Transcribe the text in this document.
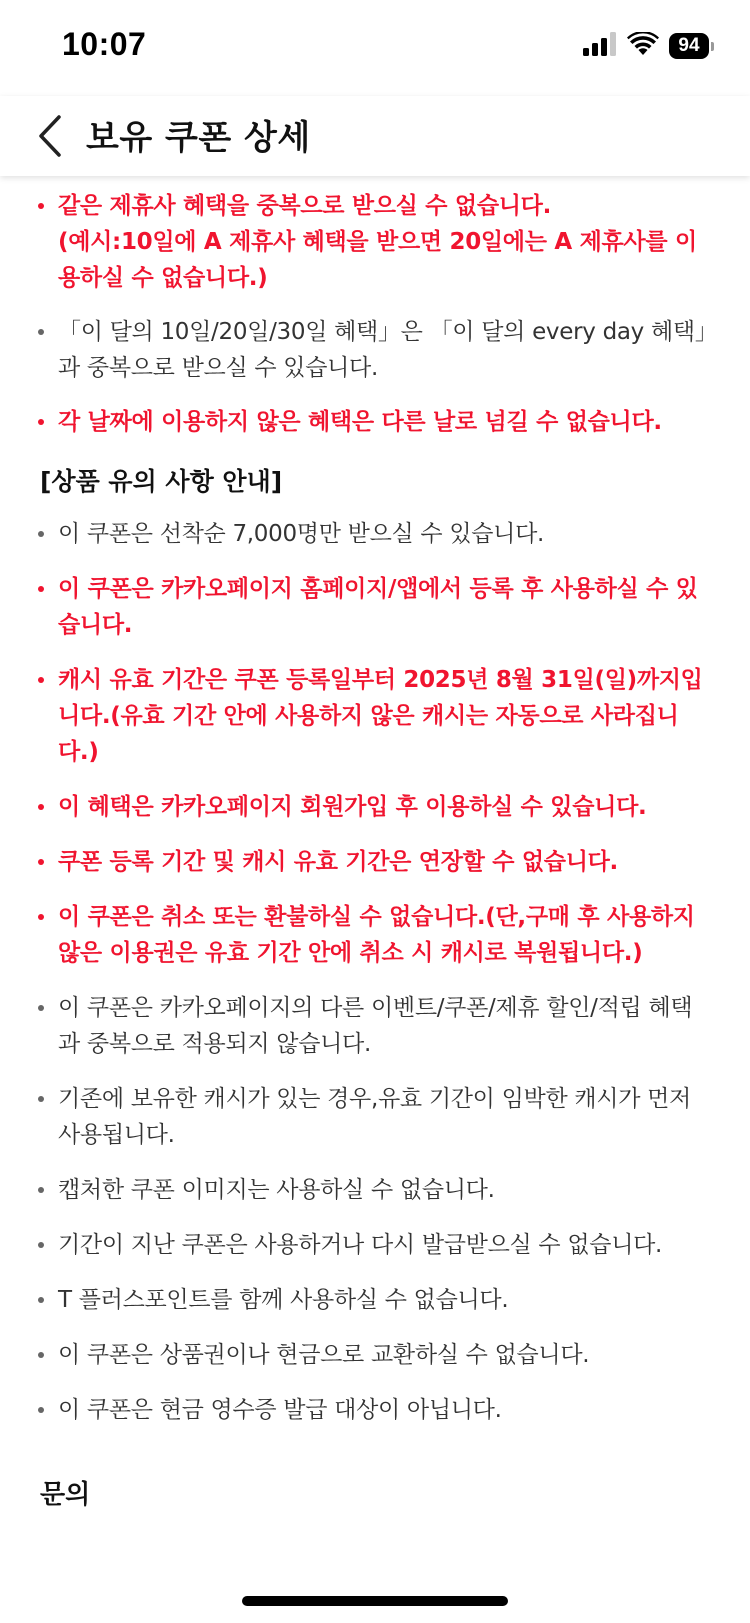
10:07	94
보유 쿠폰 상세
같은 제휴사 혜택을 중복으로 받으실 수 없습니다.
(예시:10일에 A 제휴사 혜택을 받으면 20일에는 A 제휴사를 이용하실 수 없습니다.)
「이 달의 10일/20일/30일 혜택」은 「이 달의 every day 혜택」과 중복으로 받으실 수 있습니다.
각 날짜에 이용하지 않은 혜택은 다른 날로 넘길 수 없습니다.
[상품 유의 사항 안내]
이 쿠폰은 선착순 7,000명만 받으실 수 있습니다.
이 쿠폰은 카카오페이지 홈페이지/앱에서 등록 후 사용하실 수 있습니다.
캐시 유효 기간은 쿠폰 등록일부터 2025년 8월 31일(일)까지입니다.(유효 기간 안에 사용하지 않은 캐시는 자동으로 사라집니다.)
이 혜택은 카카오페이지 회원가입 후 이용하실 수 있습니다.
쿠폰 등록 기간 및 캐시 유효 기간은 연장할 수 없습니다.
이 쿠폰은 취소 또는 환불하실 수 없습니다.(단,구매 후 사용하지 않은 이용권은 유효 기간 안에 취소 시 캐시로 복원됩니다.)
이 쿠폰은 카카오페이지의 다른 이벤트/쿠폰/제휴 할인/적립 혜택과 중복으로 적용되지 않습니다.
기존에 보유한 캐시가 있는 경우,유효 기간이 임박한 캐시가 먼저 사용됩니다.
캡처한 쿠폰 이미지는 사용하실 수 없습니다.
기간이 지난 쿠폰은 사용하거나 다시 발급받으실 수 없습니다.
T 플러스포인트를 함께 사용하실 수 없습니다.
이 쿠폰은 상품권이나 현금으로 교환하실 수 없습니다.
이 쿠폰은 현금 영수증 발급 대상이 아닙니다.
문의
